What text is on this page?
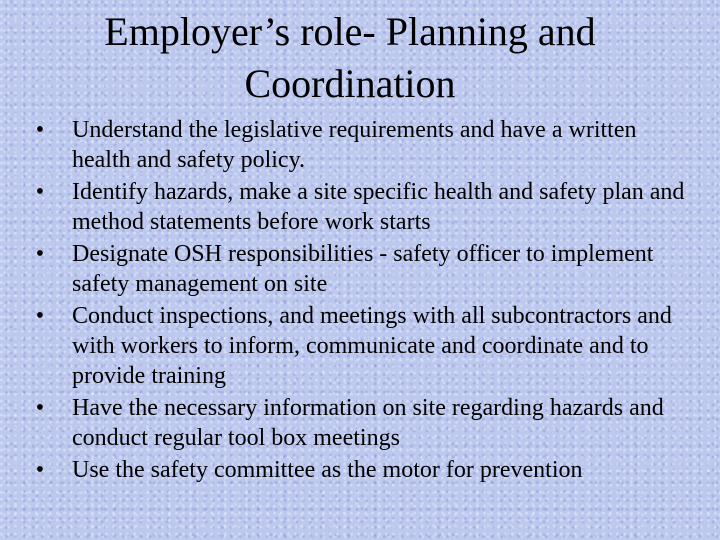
Employer’s role- Planning and
Coordination
• Understand the legislative requirements and have a written health and safety policy.
• Identify hazards, make a site specific health and safety plan and method statements before work starts
• Designate OSH responsibilities - safety officer to implement safety management on site
• Conduct inspections, and meetings with all subcontractors and with workers to inform, communicate and coordinate and to provide training
• Have the necessary information on site regarding hazards and conduct regular tool box meetings
• Use the safety committee as the motor for prevention
